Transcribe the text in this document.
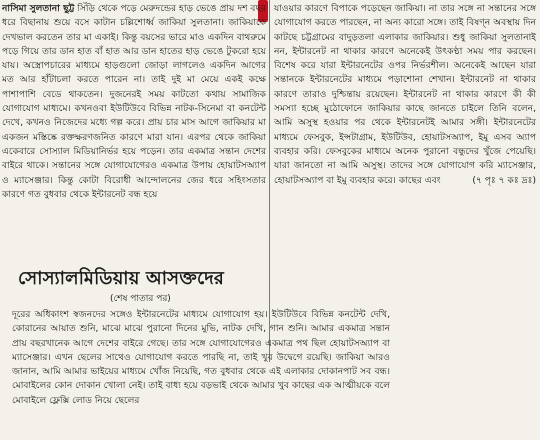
নাসিমা সুলতানা ছুট্ট সিঁড়ি থেকে পড়ে মেরুদন্ডের হাড় ভেঙে প্রায় দশ বছর ধরে বিছানায় শুয়ে বসে কাটান চল্লিশোর্ধ্ব জাকিয়া সুলতানা। জাকিয়াকে দেখভাল করতেন তার মা একাই। কিন্তু বয়সের ভারে মাও একদিন বাথরুমে পড়ে গিয়ে তার ডান হাত বাঁ হাত আর ডান হাতের হাড় ভেঙে টুকরো হয়ে যায়। অস্ত্রোপচারের মাধ্যমে হাড়গুলো জোড়া লাগলেও একদিন আগের মত আর হাঁটাচলা করতে পারেন না। তাই দুই মা মেয়ে একই কক্ষে পাশাপাশি বেডে থাকতেন। দুজনেরই সময় কাটতো কথায় সামাজিক যোগাযোগ মাধ্যমে। কখনওবা ইউটিউবে বিভিন্ন নাটক-সিনেমা বা কনটেন্ট দেখে, কখনও নিজেদের মধ্যে গল্প করে। প্রায় চার মাস আগে জাকিয়ার মা একজন মস্তিষ্কে রক্তক্ষরণজনিত কারণে মারা যান। এরপর থেকে জাকিয়া একেবারে সোস্যাল মিডিয়ানির্ভর হয়ে পড়েন। তার একমাত্র সন্তান দেশের বাইরে থাকে। সন্তানের সঙ্গে যোগাযোগেরও একমাত্র উপায় হোয়াটসঅ্যাপ ও ম্যাসেঞ্জার। কিন্তু কোটা বিরোধী আন্দোলনের জের ধরে সহিংসতার কারণে গত বুধবার থেকে ইন্টারনেট বন্ধ হয়ে

যাওয়ার কারণে বিপাকে পড়েছেন জাকিয়া। না তার সঙ্গে না সন্তানের সঙ্গে যোগাযোগ করতে পারছেন, না অন্য কারো সঙ্গে। তাই বিষণ্ন অবস্থায় দিন কাটছে চট্টগ্রামের বাদুড়তলা এলাকার জাকিয়ার। শুধু জাকিয়া সুলতানাই নন, ইন্টারনেট না থাকার কারণে অনেকেই উৎকণ্ঠা সময় পার করছেন। বিশেষ করে যারা ইন্টারনেটের ওপর নির্ভরশীল। অনেকেই আছেন যারা সন্তানকে ইন্টারনেটের মাধ্যমে পড়াশোনা শেখান। ইন্টারনেট না থাকার কারণে তারাও দুশ্চিন্তায় রয়েছেন। ইন্টারনেট না থাকার কারণে কী কী সমস্যা হচ্ছে মুঠোফোনে জাকিয়ার কাছে জানতে চাইলে তিনি বলেন, আমি অসুস্থ হওয়ার পর থেকে ইন্টারনেটই আমার সঙ্গী। ইন্টারনেটের মাধ্যমে ফেসবুক, ইন্সটাগ্রাম, ইউটিউব, হোয়াটসঅ্যাপ, ইমু এসব অ্যাপ ব্যবহার করি। ফেসবুকের মাধ্যমে অনেক পুরানো বন্ধুদের খুঁজে পেয়েছি। যারা জানতো না আমি অসুস্থ। তাদের সঙ্গে যোগাযোগ করি ম্যাসেঞ্জার, হোয়াটসঅ্যাপ বা ইমু ব্যবহার করে। কাছের এবং	(৭ পৃঃ ৭ কঃ দ্রঃ)

সোস্যালমিডিয়ায় আসক্তদের
(শেষ পাতার পর)

দূরের অধিকাংশ স্বজনদের সঙ্গেও ইন্টারনেটের মাধ্যমে যোগাযোগ হয়। ইউটিউবে বিভিন্ন কনটেন্ট দেখি, কোরানের আয়াত শুনি, মাঝে মাঝে পুরানো দিনের মুভি, নাটক দেখি, গান শুনি। আমার একমাত্র সন্তান প্রায় বছরখানেক আগে দেশের বাইরে গেছে। তার সঙ্গে যোগাযোগেরও একমাত্র পথ ছিল হোয়াটসঅ্যাপ বা ম্যাসেঞ্জার। এখন ছেলের সাথেও যোগাযোগ করতে পারছি না, তাই খুব উদ্বেগে রয়েছি। জাকিয়া আরও জানান, আমি আমার ভাইয়ের মাধ্যমে খোঁজ নিয়েছি, গত বুধবার থেকে এই এলাকার দোকানপাট সব বন্ধ। মোবাইলের কোন দোকান খোলা নেই। তাই বাধ্য হয়ে বড়ভাই থেকে আমার খুব কাছের এক আত্মীয়কে বলে মোবাইলে ফ্লেক্সি লোড নিয়ে ছেলের
